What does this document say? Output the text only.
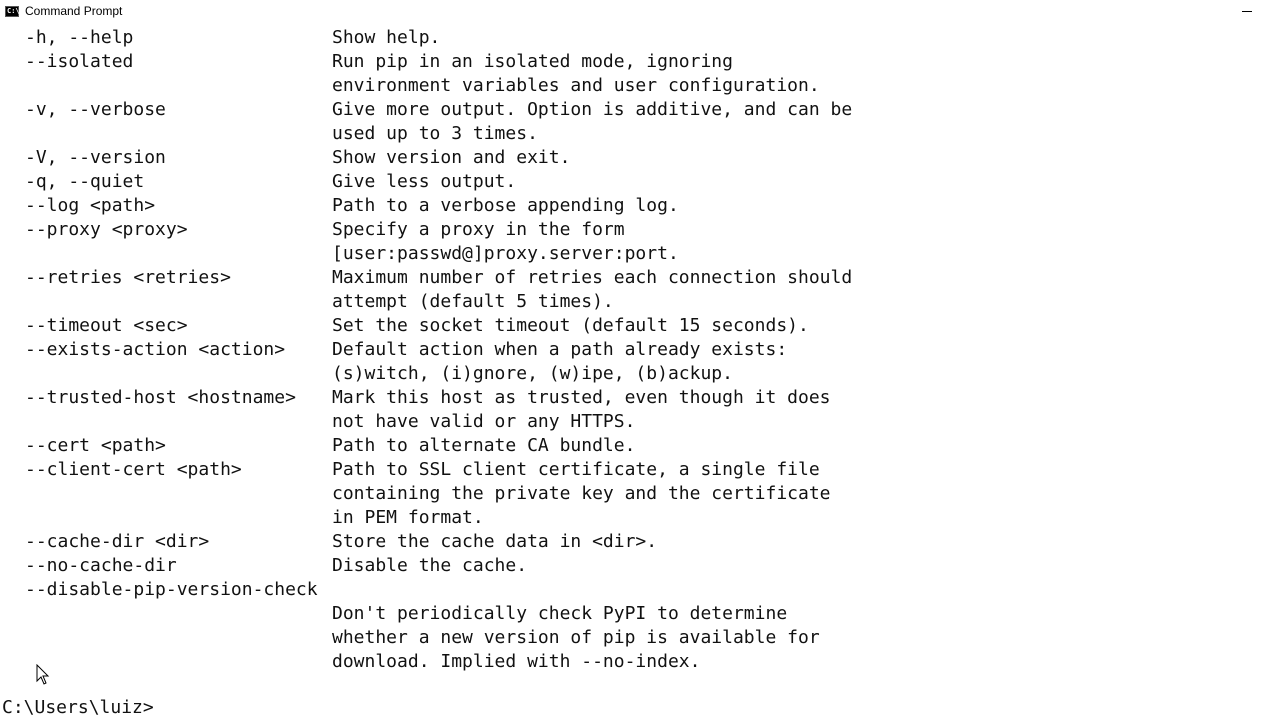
C:\ Command Prompt
C:\Users\luiz>
-h, --help	Show help.
--isolated	Run pip in an isolated mode, ignoring
environment variables and user configuration.
-v, --verbose	Give more output. Option is additive, and can be
used up to 3 times.
-V, --version	Show version and exit.
-q, --quiet	Give less output.
--log <path>	Path to a verbose appending log.
--proxy <proxy>	Specify a proxy in the form
[user:passwd@]proxy.server:port.
--retries <retries>	Maximum number of retries each connection should
attempt (default 5 times).
--timeout <sec>	Set the socket timeout (default 15 seconds).
--exists-action <action>	Default action when a path already exists:
(s)witch, (i)gnore, (w)ipe, (b)ackup.
--trusted-host <hostname> Mark this host as trusted, even though it does
not have valid or any HTTPS.
--cert <path>	Path to alternate CA bundle.
--client-cert <path>	Path to SSL client certificate, a single file
containing the private key and the certificate
in PEM format.
--cache-dir <dir>	Store the cache data in <dir>.
--no-cache-dir	Disable the cache.
--disable-pip-version-check
Don't periodically check PyPI to determine
whether a new version of pip is available for
download. Implied with --no-index.
